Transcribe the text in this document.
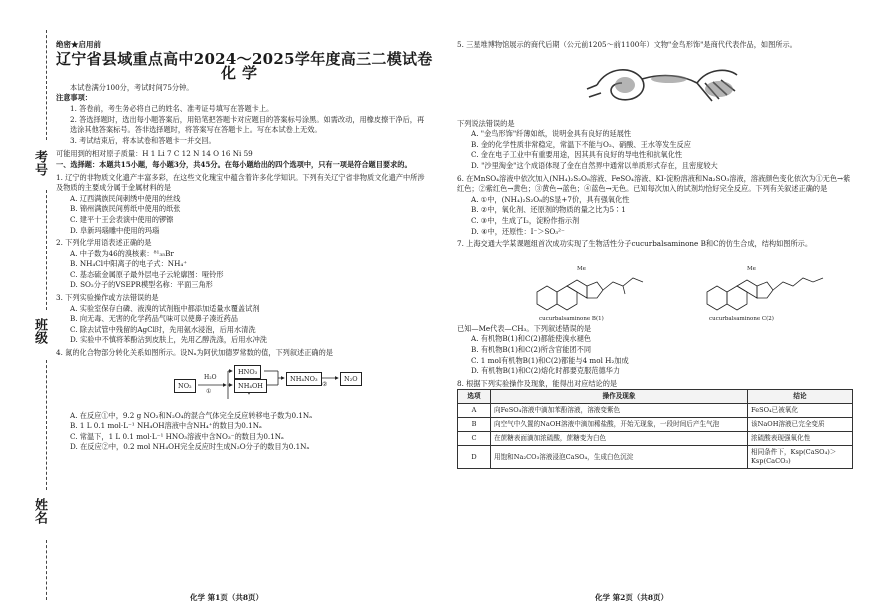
考号
班级
姓名
绝密★启用前
辽宁省县域重点高中2024～2025学年度高三二模试卷
化学

本试卷满分100分，考试时间75分钟。

注意事项：

1. 答卷前，考生务必将自己的姓名、准考证号填写在答题卡上。

2. 答选择题时，选出每小题答案后，用铅笔把答题卡对应题目的答案标号涂黑。如需改动，用橡皮擦干净后，再选涂其他答案标号。答非选择题时，将答案写在答题卡上。写在本试卷上无效。

3. 考试结束后，将本试卷和答题卡一并交回。

可能用到的相对原子质量：H 1 Li 7 C 12 N 14 O 16 Ni 59

一、选择题：本题共15小题，每小题3分，共45分。在每小题给出的四个选项中，只有一项是符合题目要求的。

1. 辽宁的非物质文化遗产丰富多彩，在这些文化瑰宝中蕴含着许多化学知识。下列有关辽宁省非物质文化遗产中所涉及物质的主要成分属于金属材料的是

A. 辽西满族民间刺绣中使用的丝线

B. 锦州满族民间剪纸中使用的纸张

C. 建平十王会表演中使用的锣镲

D. 阜新玛瑙雕中使用的玛瑙

2. 下列化学用语表述正确的是

A. 中子数为46的溴核素：⁸¹₃₅Br

B. NH₄Cl中阳离子的电子式：NH₄⁺

C. 基态硫金属原子最外层电子云轮廓图：哑铃形

D. SO₂分子的VSEPR模型名称：平面三角形

3. 下列实验操作或方法错误的是

A. 实验室保存白磷、液溴的试剂瓶中都添加适量水覆盖试剂

B. 向无毒、无害的化学药品气味可以使鼻子凑近药品

C. 除去试管中残留的AgCl时，先用氨水浸泡，后用水清洗

D. 实验中不慎将苯酚沾到皮肤上，先用乙醇洗涤，后用水冲洗

4. 氮的化合物部分转化关系如图所示。设Nₐ为阿伏加德罗常数的值，下列叙述正确的是

NO₂
H₂O
①
HNO₃
NH₄OH
NH₄NO₃
②
N₂O

A. 在反应①中，9.2 g NO₂和N₂O₄的混合气体完全反应转移电子数为0.1Nₐ

B. 1 L 0.1 mol·L⁻¹ NH₄OH溶液中含NH₄⁺的数目为0.1Nₐ

C. 常温下，1 L 0.1 mol·L⁻¹ HNO₃溶液中含NO₃⁻的数目为0.1Nₐ

D. 在反应②中，0.2 mol NH₄OH完全反应时生成N₂O分子的数目为0.1Nₐ

化学 第1页（共8页）

5. 三星堆博物馆展示的商代后期（公元前1205～前1100年）文物"金鸟形饰"是商代代表作品，如图所示。

下列说法错误的是

A. "金鸟形饰"纤薄如纸，说明金具有良好的延展性

B. 金的化学性质非常稳定，常温下不能与O₂、硝酸、王水等发生反应

C. 金在电子工业中有重要用途，因其具有良好的导电性和抗氧化性

D. "沙里淘金"这个成语体现了金在自然界中通常以单质形式存在，且密度较大

6. 在MnSO₄溶液中依次加入(NH₄)₂S₂O₈溶液、FeSO₄溶液、KI-淀粉溶液和Na₂SO₃溶液，溶液颜色变化依次为①无色→紫红色；②紫红色→黄色；③黄色→蓝色；④蓝色→无色。已知每次加入的试剂均恰好完全反应。下列有关叙述正确的是

A. ①中，(NH₄)₂S₂O₈的S显+7价，具有强氧化性

B. ②中，氧化剂、还原剂的物质的量之比为5∶1

C. ③中，生成了I₂，淀粉作指示剂

D. ④中，还原性：I⁻＞SO₃²⁻

7. 上海交通大学某课题组首次成功实现了生物活性分子cucurbalsaminone B和C的仿生合成，结构如图所示。

Me	Me
cucurbalsaminone B(1)	cucurbalsaminone C(2)

已知—Me代表—CH₃。下列叙述错误的是

A. 有机物B(1)和C(2)都能使溴水褪色

B. 有机物B(1)和C(2)所含官能团不同

C. 1 mol有机物B(1)和C(2)都能与4 mol H₂加成

D. 有机物B(1)和C(2)熔化时都要克服范德华力

8. 根据下列实验操作及现象，能得出对应结论的是

选项	操作及现象	结论
A	向FeSO₄溶液中滴加苯酚溶液，溶液变紫色	FeSO₄已被氧化
B	向空气中久置的NaOH溶液中滴加稀盐酸，开始无现象，一段时间后产生气泡	该NaOH溶液已完全变质
C	在蔗糖表面滴加浓硫酸，蔗糖变为白色	浓硫酸表现强氧化性
D	用饱和Na₂CO₃溶液浸泡CaSO₄，生成白色沉淀	相同条件下，Ksp(CaSO₄)＞Ksp(CaCO₃)
化学 第2页（共8页）
